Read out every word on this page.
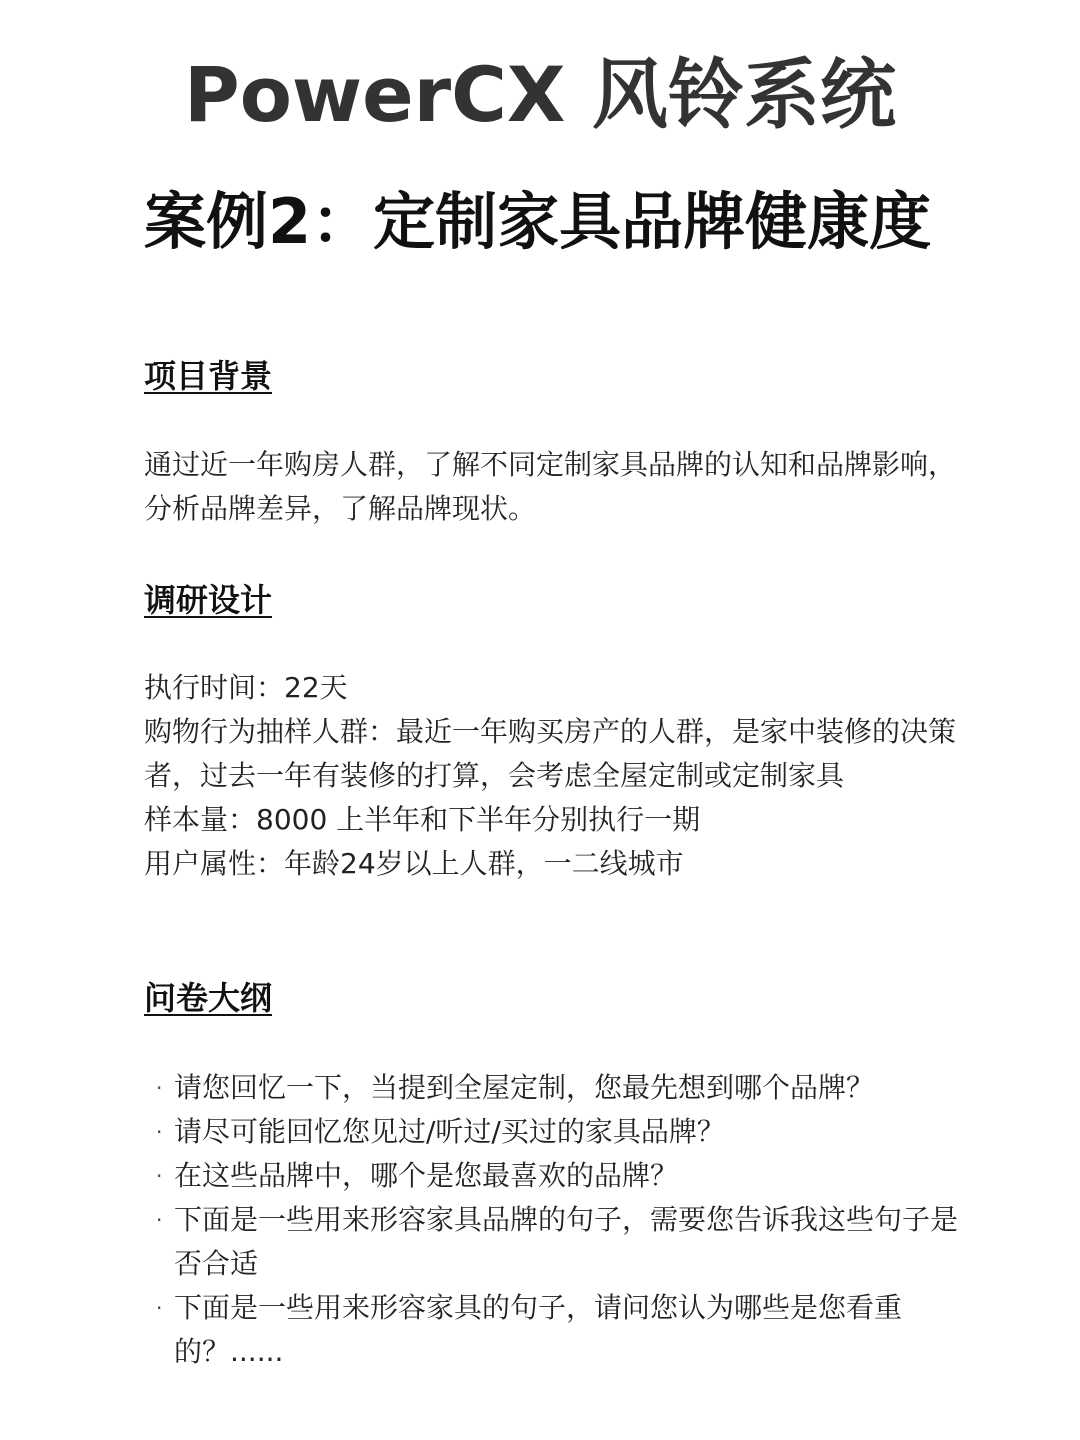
PowerCX 风铃系统
案例2：定制家具品牌健康度
项目背景

通过近一年购房人群，了解不同定制家具品牌的认知和品牌影响，分析品牌差异，了解品牌现状。

调研设计

执行时间：22天

购物行为抽样人群：最近一年购买房产的人群，是家中装修的决策者，过去一年有装修的打算，会考虑全屋定制或定制家具

样本量：8000 上半年和下半年分别执行一期

用户属性：年龄24岁以上人群，一二线城市

问卷大纲
· 请您回忆一下，当提到全屋定制，您最先想到哪个品牌？
· 请尽可能回忆您见过/听过/买过的家具品牌？
· 在这些品牌中，哪个是您最喜欢的品牌？
· 下面是一些用来形容家具品牌的句子，需要您告诉我这些句子是否合适
· 下面是一些用来形容家具的句子，请问您认为哪些是您看重的？......
